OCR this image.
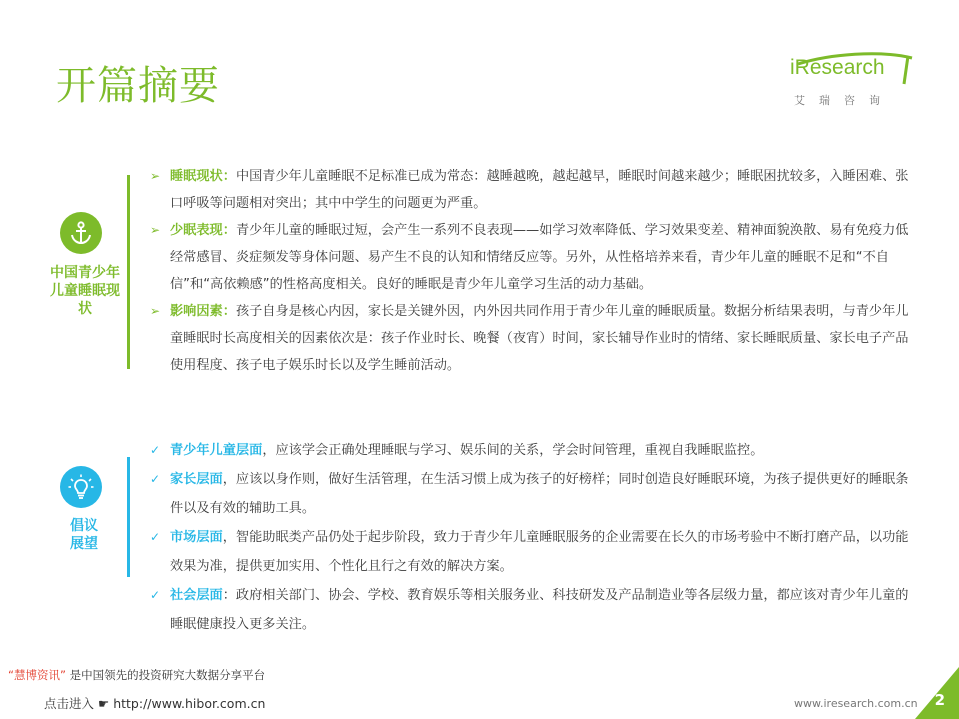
开篇摘要	iResearch
艾瑞咨询
中国青少年儿童睡眠现状
➢ 睡眠现状：中国青少年儿童睡眠不足标准已成为常态：越睡越晚，越起越早，睡眠时间越来越少；睡眠困扰较多，入睡困难、张口呼吸等问题相对突出；其中中学生的问题更为严重。
➢ 少眠表现：青少年儿童的睡眠过短，会产生一系列不良表现——如学习效率降低、学习效果变差、精神面貌涣散、易有免疫力低经常感冒、炎症频发等身体问题、易产生不良的认知和情绪反应等。另外，从性格培养来看，青少年儿童的睡眠不足和“不自信”和“高依赖感”的性格高度相关。良好的睡眠是青少年儿童学习生活的动力基础。
➢ 影响因素：孩子自身是核心内因，家长是关键外因，内外因共同作用于青少年儿童的睡眠质量。数据分析结果表明，与青少年儿童睡眠时长高度相关的因素依次是：孩子作业时长、晚餐（夜宵）时间，家长辅导作业时的情绪、家长睡眠质量、家长电子产品使用程度、孩子电子娱乐时长以及学生睡前活动。
倡议展望
✓ 青少年儿童层面，应该学会正确处理睡眠与学习、娱乐间的关系，学会时间管理，重视自我睡眠监控。
✓ 家长层面，应该以身作则，做好生活管理，在生活习惯上成为孩子的好榜样；同时创造良好睡眠环境，为孩子提供更好的睡眠条件以及有效的辅助工具。
✓ 市场层面，智能助眠类产品仍处于起步阶段，致力于青少年儿童睡眠服务的企业需要在长久的市场考验中不断打磨产品，以功能效果为准，提供更加实用、个性化且行之有效的解决方案。
✓ 社会层面：政府相关部门、协会、学校、教育娱乐等相关服务业、科技研发及产品制造业等各层级力量，都应该对青少年儿童的睡眠健康投入更多关注。
“慧博资讯” 是中国领先的投资研究大数据分享平台
点击进入 ☛ http://www.hibor.com.cn	www.iresearch.com.cn 2
